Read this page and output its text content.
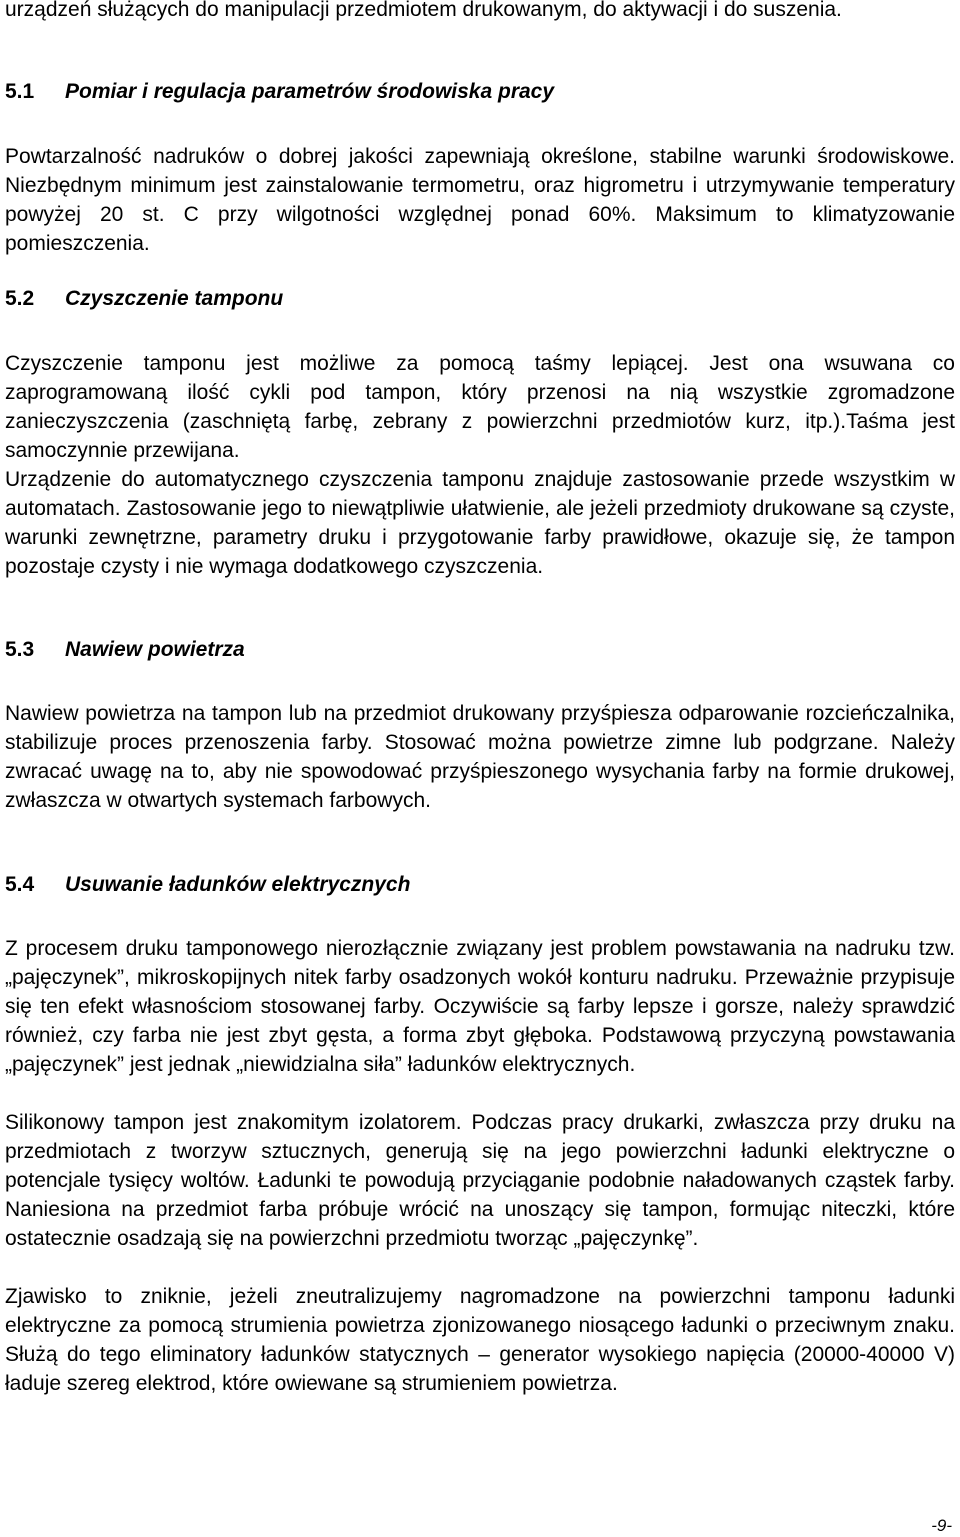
urządzeń służących do manipulacji przedmiotem drukowanym, do aktywacji i do suszenia.

5.1 Pomiar i regulacja parametrów środowiska pracy

Powtarzalność nadruków o dobrej jakości zapewniają określone, stabilne warunki środowiskowe. Niezbędnym minimum jest zainstalowanie termometru, oraz higrometru i utrzymywanie temperatury powyżej 20 st. C przy wilgotności względnej ponad 60%. Maksimum to klimatyzowanie pomieszczenia.

5.2 Czyszczenie tamponu

Czyszczenie tamponu jest możliwe za pomocą taśmy lepiącej. Jest ona wsuwana co zaprogramowaną ilość cykli pod tampon, który przenosi na nią wszystkie zgromadzone zanieczyszczenia (zaschniętą farbę, zebrany z powierzchni przedmiotów kurz, itp.).Taśma jest samoczynnie przewijana.

Urządzenie do automatycznego czyszczenia tamponu znajduje zastosowanie przede wszystkim w automatach. Zastosowanie jego to niewątpliwie ułatwienie, ale jeżeli przedmioty drukowane są czyste, warunki zewnętrzne, parametry druku i przygotowanie farby prawidłowe, okazuje się, że tampon pozostaje czysty i nie wymaga dodatkowego czyszczenia.

5.3 Nawiew powietrza

Nawiew powietrza na tampon lub na przedmiot drukowany przyśpiesza odparowanie rozcieńczalnika, stabilizuje proces przenoszenia farby. Stosować można powietrze zimne lub podgrzane. Należy zwracać uwagę na to, aby nie spowodować przyśpieszonego wysychania farby na formie drukowej, zwłaszcza w otwartych systemach farbowych.

5.4 Usuwanie ładunków elektrycznych

Z procesem druku tamponowego nierozłącznie związany jest problem powstawania na nadruku tzw. „pajęczynek”, mikroskopijnych nitek farby osadzonych wokół konturu nadruku. Przeważnie przypisuje się ten efekt własnościom stosowanej farby. Oczywiście są farby lepsze i gorsze, należy sprawdzić również, czy farba nie jest zbyt gęsta, a forma zbyt głęboka. Podstawową przyczyną powstawania „pajęczynek” jest jednak „niewidzialna siła” ładunków elektrycznych.

Silikonowy tampon jest znakomitym izolatorem. Podczas pracy drukarki, zwłaszcza przy druku na przedmiotach z tworzyw sztucznych, generują się na jego powierzchni ładunki elektryczne o potencjale tysięcy woltów. Ładunki te powodują przyciąganie podobnie naładowanych cząstek farby. Naniesiona na przedmiot farba próbuje wrócić na unoszący się tampon, formując niteczki, które ostatecznie osadzają się na powierzchni przedmiotu tworząc „pajęczynkę”.

Zjawisko to zniknie, jeżeli zneutralizujemy nagromadzone na powierzchni tamponu ładunki elektryczne za pomocą strumienia powietrza zjonizowanego niosącego ładunki o przeciwnym znaku. Służą do tego eliminatory ładunków statycznych – generator wysokiego napięcia (20000-40000 V) ładuje szereg elektrod, które owiewane są strumieniem powietrza.

-9-
